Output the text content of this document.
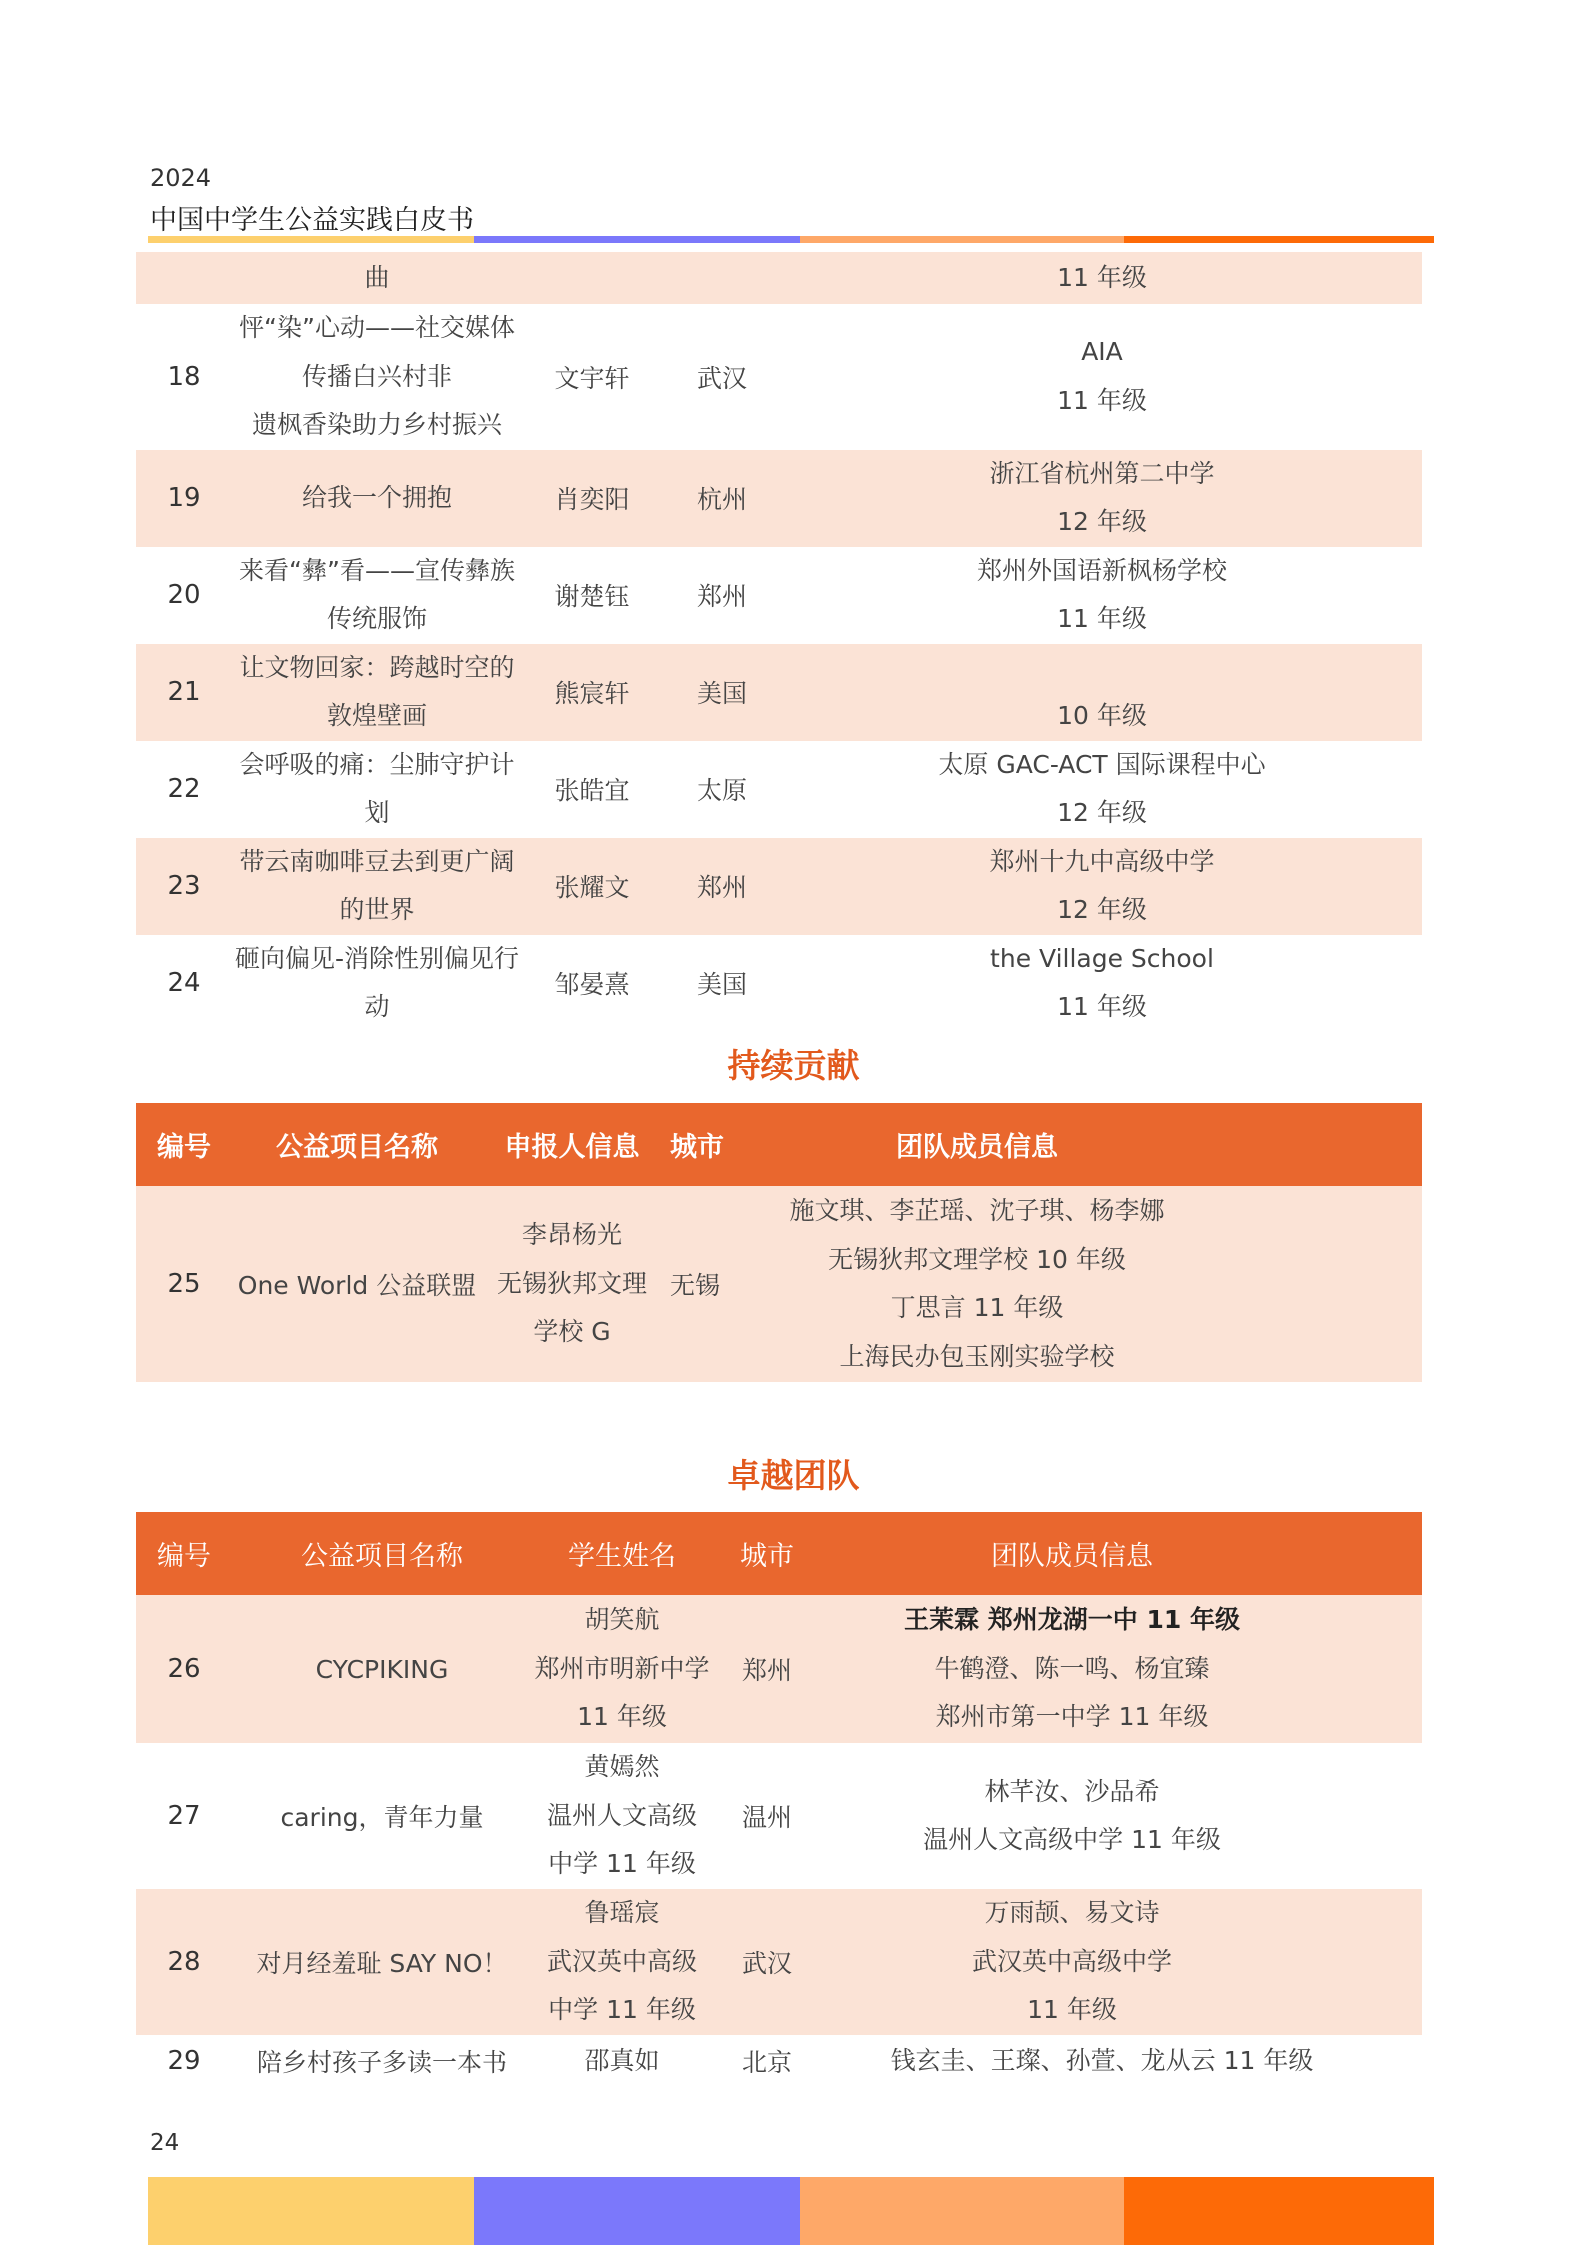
2024
中国中学生公益实践白皮书

	曲			11 年级

18	怦“染”心动——社交媒体传播白兴村非
遗枫香染助力乡村振兴	文宇轩	武汉	AIA
11 年级

19	给我一个拥抱	肖奕阳	杭州	浙江省杭州第二中学
12 年级

20	来看“彝”看——宣传彝族传统服饰	谢楚钰	郑州	郑州外国语新枫杨学校
11 年级

21	让文物回家：跨越时空的敦煌壁画	熊宸轩	美国	10 年级

22	会呼吸的痛：尘肺守护计划	张皓宜	太原	太原 GAC-ACT 国际课程中心
12 年级

23	带云南咖啡豆去到更广阔的世界	张耀文	郑州	郑州十九中高级中学
12 年级

24	砸向偏见-消除性别偏见行动	邹晏熹	美国	the Village School
11 年级
持续贡献
编号	公益项目名称	申报人信息	城市	团队成员信息
25	One World 公益联盟	李昂杨光
无锡狄邦文理
学校 G	无锡	施文琪、李芷瑶、沈子琪、杨李娜
无锡狄邦文理学校 10 年级
丁思言 11 年级
上海民办包玉刚实验学校
卓越团队
编号	公益项目名称	学生姓名	城市	团队成员信息
26	CYCPIKING	胡笑航
郑州市明新中学
11 年级	郑州	王茉霖 郑州龙湖一中 11 年级
牛鹤澄、陈一鸣、杨宜臻
郑州市第一中学 11 年级

27	caring，青年力量	黄嫣然
温州人文高级
中学 11 年级	温州	林芊汝、沙品希
温州人文高级中学 11 年级

28	对月经羞耻 SAY NO！	鲁瑶宸
武汉英中高级
中学 11 年级	武汉	万雨颉、易文诗
武汉英中高级中学
11 年级

29	陪乡村孩子多读一本书	邵真如	北京	钱玄圭、王璨、孙萱、龙从云 11 年级
24
